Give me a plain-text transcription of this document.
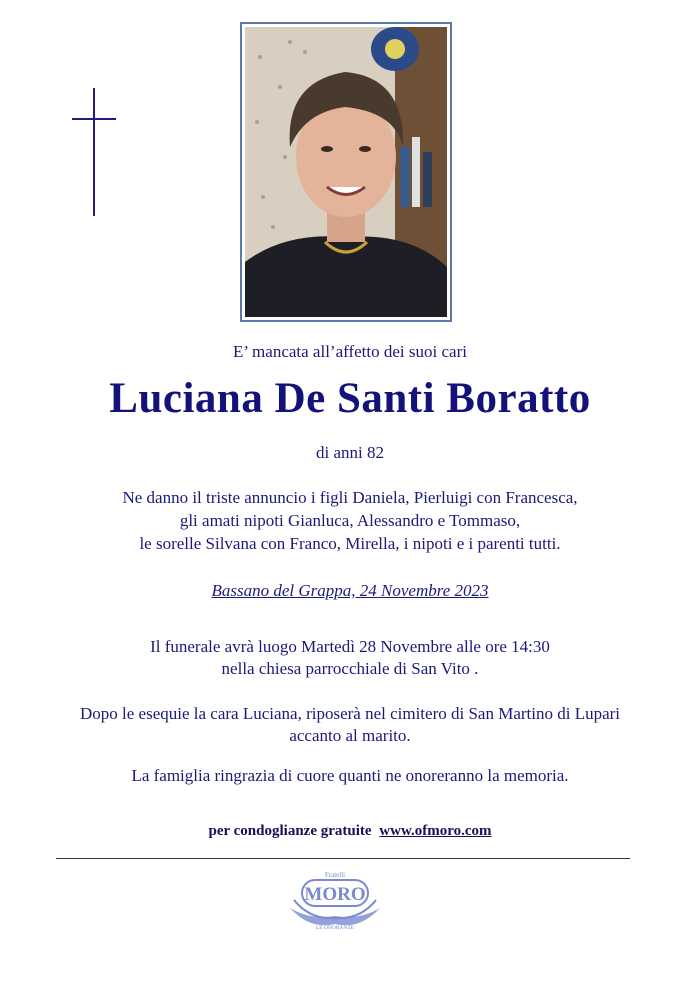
E’ mancata all’affetto dei suoi cari
Luciana De Santi Boratto
di anni 82
Ne danno il triste annuncio i figli Daniela, Pierluigi con Francesca,
gli amati nipoti Gianluca, Alessandro e Tommaso,
le sorelle Silvana con Franco, Mirella, i nipoti e i parenti tutti.
Bassano del Grappa, 24 Novembre 2023
Il funerale avrà luogo Martedì 28 Novembre alle ore 14:30
nella chiesa parrocchiale di San Vito .
Dopo le esequie la cara Luciana, riposerà nel cimitero di San Martino di Lupari
accanto al marito.
La famiglia ringrazia di cuore quanti ne onoreranno la memoria.
per condoglianze gratuite www.ofmoro.com
Fratelli
MORO
LE ONORANZE
